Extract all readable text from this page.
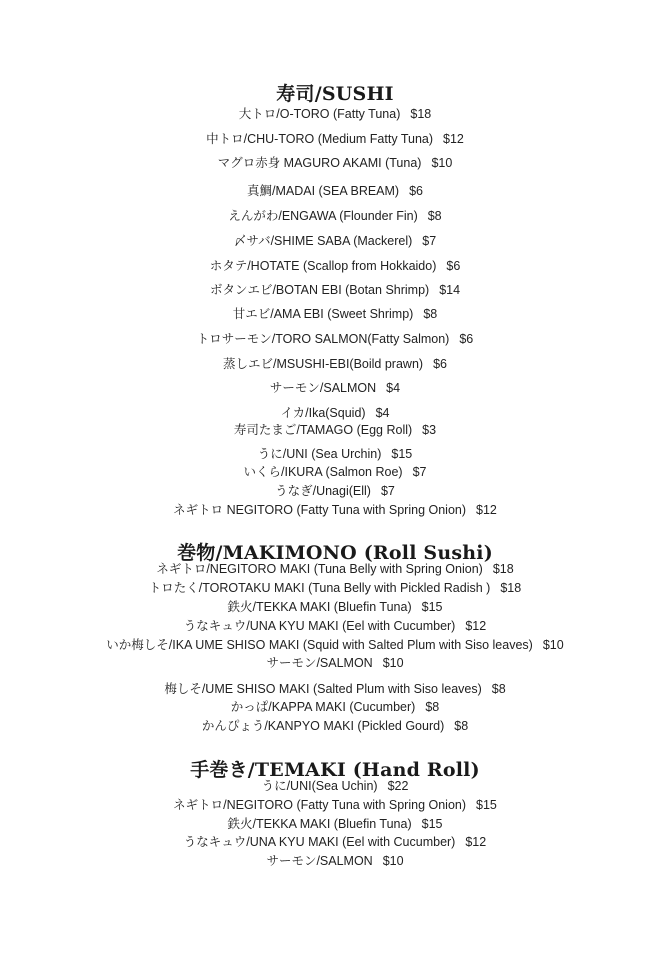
寿司/SUSHI
大トロ/O-TORO (Fatty Tuna) $18
中トロ/CHU-TORO (Medium Fatty Tuna) $12
マグロ赤身 MAGURO AKAMI (Tuna) $10
真鯛/MADAI (SEA BREAM) $6
えんがわ/ENGAWA (Flounder Fin) $8
〆サバ/SHIME SABA (Mackerel) $7
ホタテ/HOTATE (Scallop from Hokkaido) $6
ボタンエビ/BOTAN EBI (Botan Shrimp) $14
甘エビ/AMA EBI (Sweet Shrimp) $8
トロサーモン/TORO SALMON(Fatty Salmon) $6
蒸しエビ/MSUSHI-EBI(Boild prawn) $6
サーモン/SALMON $4
イカ/Ika(Squid) $4
寿司たまご/TAMAGO (Egg Roll) $3
うに/UNI (Sea Urchin) $15
いくら/IKURA (Salmon Roe) $7
うなぎ/Unagi(Ell) $7
ネギトロ NEGITORO (Fatty Tuna with Spring Onion) $12
巻物/MAKIMONO (Roll Sushi)
ネギトロ/NEGITORO MAKI (Tuna Belly with Spring Onion) $18
トロたく/TOROTAKU MAKI (Tuna Belly with Pickled Radish ) $18
鉄火/TEKKA MAKI (Bluefin Tuna) $15
うなキュウ/UNA KYU MAKI (Eel with Cucumber) $12
いか梅しそ/IKA UME SHISO MAKI (Squid with Salted Plum with Siso leaves) $10
サーモン/SALMON $10
梅しそ/UME SHISO MAKI (Salted Plum with Siso leaves) $8
かっぱ/KAPPA MAKI (Cucumber) $8
かんぴょう/KANPYO MAKI (Pickled Gourd) $8
手巻き/TEMAKI (Hand Roll)
うに/UNI(Sea Uchin) $22
ネギトロ/NEGITORO (Fatty Tuna with Spring Onion) $15
鉄火/TEKKA MAKI (Bluefin Tuna) $15
うなキュウ/UNA KYU MAKI (Eel with Cucumber) $12
サーモン/SALMON $10
